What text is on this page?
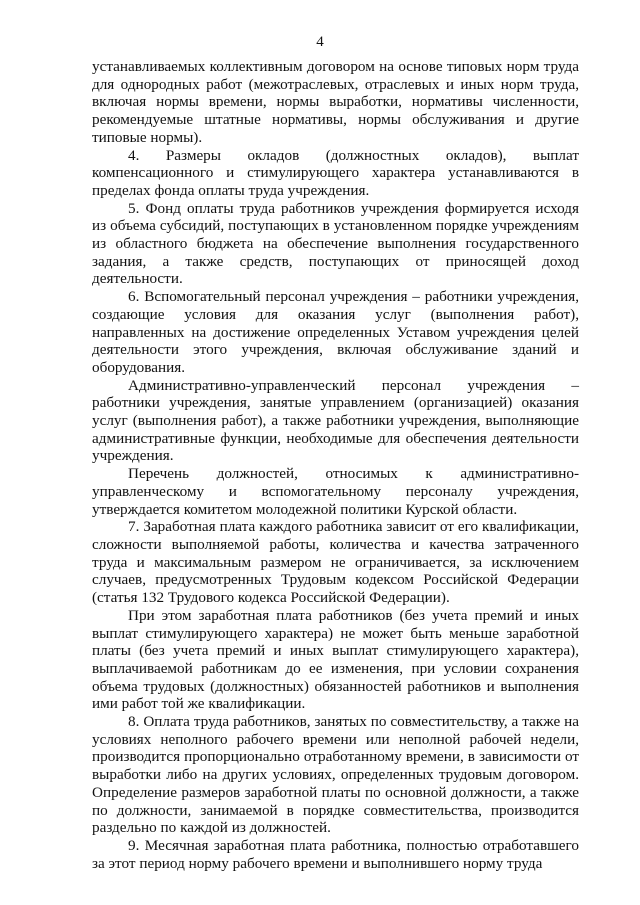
4

устанавливаемых коллективным договором на основе типовых норм труда для однородных работ (межотраслевых, отраслевых и иных норм труда, включая нормы времени, нормы выработки, нормативы численности, рекомендуемые штатные нормативы, нормы обслуживания и другие типовые нормы).

4. Размеры окладов (должностных окладов), выплат компенсационного и стимулирующего характера устанавливаются в пределах фонда оплаты труда учреждения.

5. Фонд оплаты труда работников учреждения формируется исходя из объема субсидий, поступающих в установленном порядке учреждениям из областного бюджета на обеспечение выполнения государственного задания, а также средств, поступающих от приносящей доход деятельности.

6. Вспомогательный персонал учреждения – работники учреждения, создающие условия для оказания услуг (выполнения работ), направленных на достижение определенных Уставом учреждения целей деятельности этого учреждения, включая обслуживание зданий и оборудования.

Административно-управленческий персонал учреждения – работники учреждения, занятые управлением (организацией) оказания услуг (выполнения работ), а также работники учреждения, выполняющие административные функции, необходимые для обеспечения деятельности учреждения.

Перечень должностей, относимых к административно-управленческому и вспомогательному персоналу учреждения, утверждается комитетом молодежной политики Курской области.

7. Заработная плата каждого работника зависит от его квалификации, сложности выполняемой работы, количества и качества затраченного труда и максимальным размером не ограничивается, за исключением случаев, предусмотренных Трудовым кодексом Российской Федерации (статья 132 Трудового кодекса Российской Федерации).

При этом заработная плата работников (без учета премий и иных выплат стимулирующего характера) не может быть меньше заработной платы (без учета премий и иных выплат стимулирующего характера), выплачиваемой работникам до ее изменения, при условии сохранения объема трудовых (должностных) обязанностей работников и выполнения ими работ той же квалификации.

8. Оплата труда работников, занятых по совместительству, а также на условиях неполного рабочего времени или неполной рабочей недели, производится пропорционально отработанному времени, в зависимости от выработки либо на других условиях, определенных трудовым договором. Определение размеров заработной платы по основной должности, а также по должности, занимаемой в порядке совместительства, производится раздельно по каждой из должностей.

9. Месячная заработная плата работника, полностью отработавшего за этот период норму рабочего времени и выполнившего норму труда
